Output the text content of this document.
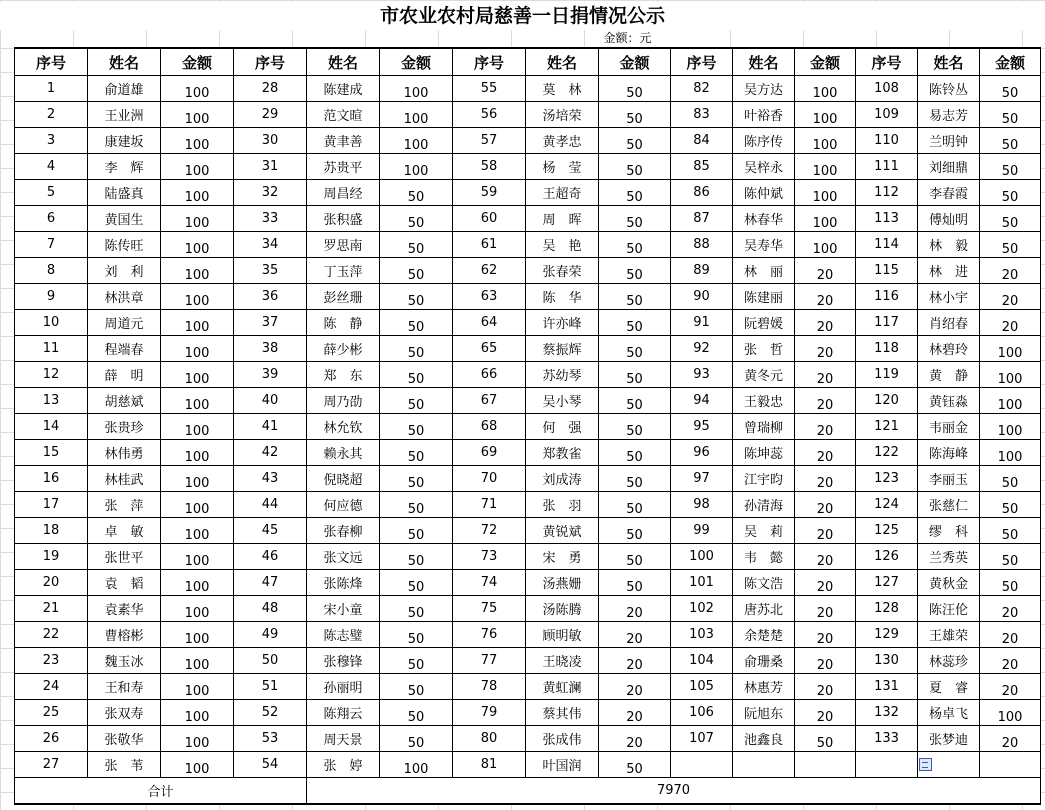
市农业农村局慈善一日捐情况公示
金额：元
序号	姓名	金额	序号	姓名	金额	序号	姓名	金额	序号	姓名	金额	序号	姓名	金额
1	俞道雄	100	28	陈建成	100	55	莫　林	50	82	吴方达	100	108	陈铃丛	50
2	王业洲	100	29	范文暄	100	56	汤培荣	50	83	叶裕香	100	109	易志芳	50
3	康建坂	100	30	黄聿善	100	57	黄孝忠	50	84	陈序传	100	110	兰明钟	50
4	李　辉	100	31	苏贵平	100	58	杨　莹	50	85	吴梓永	100	111	刘细鼎	50
5	陆盛真	100	32	周昌经	50	59	王超奇	50	86	陈仲斌	100	112	李春霞	50
6	黄国生	100	33	张积盛	50	60	周　晖	50	87	林春华	100	113	傅灿明	50
7	陈传旺	100	34	罗思南	50	61	吴　艳	50	88	吴寿华	100	114	林　毅	50
8	刘　利	100	35	丁玉萍	50	62	张春荣	50	89	林　丽	20	115	林　进	20
9	林洪章	100	36	彭丝珊	50	63	陈　华	50	90	陈建丽	20	116	林小宇	20
10	周道元	100	37	陈　静	50	64	许亦峰	50	91	阮碧媛	20	117	肖绍春	20
11	程端春	100	38	薛少彬	50	65	蔡振辉	50	92	张　哲	20	118	林碧玲	100
12	薛　明	100	39	郑　东	50	66	苏幼琴	50	93	黄冬元	20	119	黄　静	100
13	胡慈斌	100	40	周乃劭	50	67	吴小琴	50	94	王毅忠	20	120	黄钰淼	100
14	张贵珍	100	41	林允钦	50	68	何　强	50	95	曾瑞柳	20	121	韦丽金	100
15	林伟勇	100	42	赖永其	50	69	郑教雀	50	96	陈坤蕊	20	122	陈海峰	100
16	林桂武	100	43	倪晓超	50	70	刘成涛	50	97	江宇昀	20	123	李丽玉	50
17	张　萍	100	44	何应德	50	71	张　羽	50	98	孙清海	20	124	张慈仁	50
18	卓　敏	100	45	张春柳	50	72	黄锐斌	50	99	吴　莉	20	125	缪　科	50
19	张世平	100	46	张文远	50	73	宋　勇	50	100	韦　懿	20	126	兰秀英	50
20	袁　韬	100	47	张陈烽	50	74	汤燕姗	50	101	陈文浩	20	127	黄秋金	50
21	袁素华	100	48	宋小童	50	75	汤陈腾	20	102	唐苏北	20	128	陈汪伦	20
22	曹榕彬	100	49	陈志璧	50	76	顾明敏	20	103	余楚楚	20	129	王雄荣	20
23	魏玉冰	100	50	张穆锋	50	77	王晓凌	20	104	俞珊桑	20	130	林蕊珍	20
24	王和寿	100	51	孙丽明	50	78	黄虹澜	20	105	林惠芳	20	131	夏　睿	20
25	张双寿	100	52	陈翔云	50	79	蔡其伟	20	106	阮旭东	20	132	杨卓飞	100
26	张敬华	100	53	周天景	50	80	张成伟	20	107	池鑫良	50	133	张梦迪	20
27	张　苇	100	54	张　婷	100	81	叶国润	50						
合计				7970										
